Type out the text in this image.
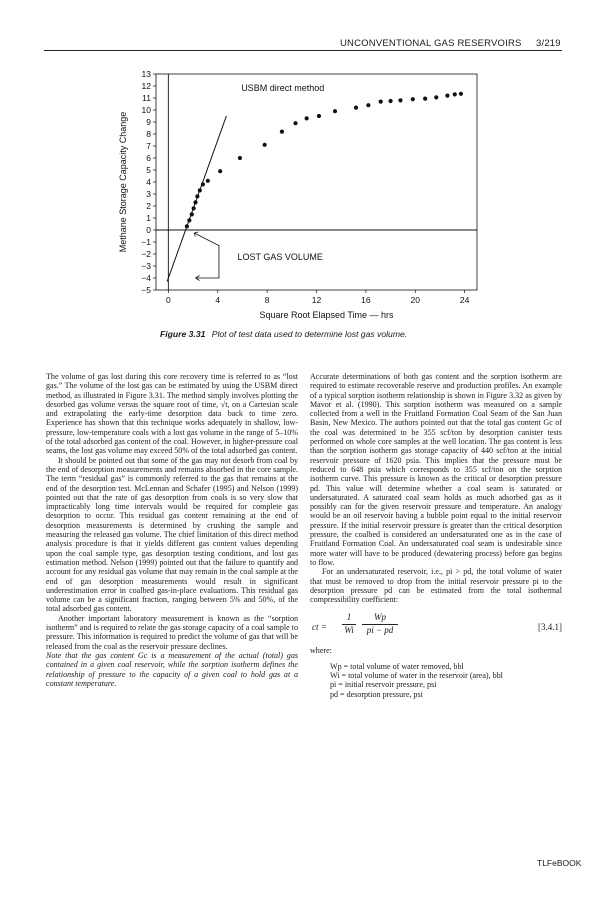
UNCONVENTIONAL GAS RESERVOIRS 3/219
−5
−4
−3
−2
−1
0
1
2
3
4
5
6
7
8
9
10
11
12
13
0	4	8	12	16	20	24
Methane Storage Capacity Change
Square Root Elapsed Time — hrs
USBM direct method
LOST GAS VOLUME
Figure 3.31 Plot of test data used to determine lost gas volume.

The volume of gas lost during this core recovery time is referred to as “lost gas.” The volume of the lost gas can be estimated by using the USBM direct method, as illustrated in Figure 3.31. The method simply involves plotting the desorbed gas volume versus the square root of time, √t, on a Cartesian scale and extrapolating the early-time desorption data back to time zero. Experience has shown that this technique works adequately in shallow, low-pressure, low-temperature coals with a lost gas volume in the range of 5–10% of the total adsorbed gas content of the coal. However, in higher-pressure coal seams, the lost gas volume may exceed 50% of the total adsorbed gas content.

It should be pointed out that some of the gas may not desorb from coal by the end of desorption measurements and remains absorbed in the core sample. The term “residual gas” is commonly referred to the gas that remains at the end of the desorption test. McLennan and Schafer (1995) and Nelson (1999) pointed out that the rate of gas desorption from coals is so very slow that impracticably long time intervals would be required for complete gas desorption to occur. This residual gas content remaining at the end of desorption measurements is determined by crushing the sample and measuring the released gas volume. The chief limitation of this direct method analysis procedure is that it yields different gas content values depending upon the coal sample type, gas desorption testing conditions, and lost gas estimation method. Nelson (1999) pointed out that the failure to quantify and account for any residual gas volume that may remain in the coal sample at the end of gas desorption measurements would result in significant underestimation error in coalbed gas-in-place evaluations. This residual gas volume can be a significant fraction, ranging between 5% and 50%, of the total adsorbed gas content.

Another important laboratory measurement is known as the “sorption isotherm” and is required to relate the gas storage capacity of a coal sample to pressure. This information is required to predict the volume of gas that will be released from the coal as the reservoir pressure declines.

Note that the gas content Gc is a measurement of the actual (total) gas contained in a given coal reservoir, while the sorption isotherm defines the relationship of pressure to the capacity of a given coal to hold gas at a constant temperature.

Accurate determinations of both gas content and the sorption isotherm are required to estimate recoverable reserve and production profiles. An example of a typical sorption isotherm relationship is shown in Figure 3.32 as given by Mavor et al. (1990). This sorption isotherm was measured on a sample collected from a well in the Fruitland Formation Coal Seam of the San Juan Basin, New Mexico. The authors pointed out that the total gas content Gc of the coal was determined to be 355 scf/ton by desorption canister tests performed on whole core samples at the well location. The gas content is less than the sorption isotherm gas storage capacity of 440 scf/ton at the initial reservoir pressure of 1620 psia. This implies that the pressure must be reduced to 648 psia which corresponds to 355 scf/ton on the sorption isotherm curve. This pressure is known as the critical or desorption pressure pd. This value will determine whether a coal seam is saturated or undersaturated. A saturated coal seam holds as much adsorbed gas as it possibly can for the given reservoir pressure and temperature. An analogy would be an oil reservoir having a bubble point equal to the initial reservoir pressure. If the initial reservoir pressure is greater than the critical desorption pressure, the coalbed is considered an undersaturated one as in the case of Fruitland Formation Coal. An undersaturated coal seam is undesirable since more water will have to be produced (dewatering process) before gas begins to flow.

For an undersaturated reservoir, i.e., pi > pd, the total volume of water that must be removed to drop from the initial reservoir pressure pi to the desorption pressure pd can be estimated from the total isothermal compressibility coefficient:

ct = $\frac{1}{Wi} \frac{Wp}{pi - pd}$	[3.4.1]

where:

Wp = total volume of water removed, bbl
Wi = total volume of water in the reservoir (area), bbl
pi = initial reservoir pressure, psi
pd = desorption pressure, psi
TLFeBOOK
